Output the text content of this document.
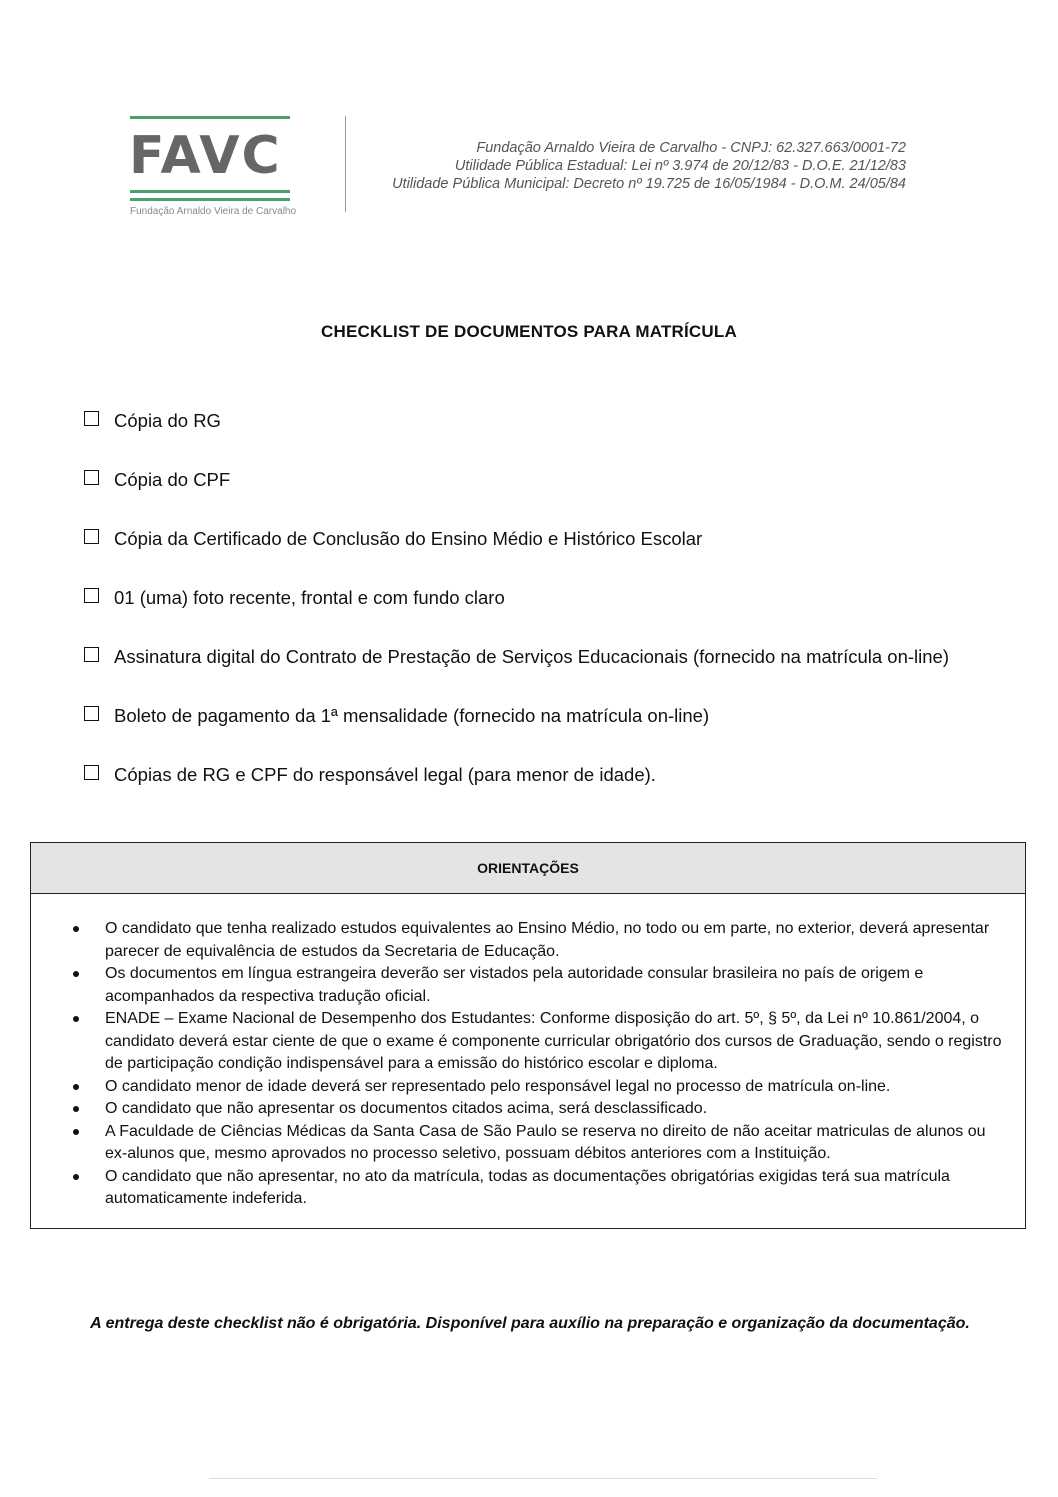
FAVC
Fundação Arnaldo Vieira de Carvalho
Fundação Arnaldo Vieira de Carvalho - CNPJ: 62.327.663/0001-72
Utilidade Pública Estadual: Lei nº 3.974 de 20/12/83 - D.O.E. 21/12/83
Utilidade Pública Municipal: Decreto nº 19.725 de 16/05/1984 - D.O.M. 24/05/84
CHECKLIST DE DOCUMENTOS PARA MATRÍCULA
Cópia do RG
Cópia do CPF
Cópia da Certificado de Conclusão do Ensino Médio e Histórico Escolar
01 (uma) foto recente, frontal e com fundo claro
Assinatura digital do Contrato de Prestação de Serviços Educacionais (fornecido na matrícula on-line)
Boleto de pagamento da 1ª mensalidade (fornecido na matrícula on-line)
Cópias de RG e CPF do responsável legal (para menor de idade).
ORIENTAÇÕES
O candidato que tenha realizado estudos equivalentes ao Ensino Médio, no todo ou em parte, no exterior, deverá apresentar parecer de equivalência de estudos da Secretaria de Educação.
Os documentos em língua estrangeira deverão ser vistados pela autoridade consular brasileira no país de origem e acompanhados da respectiva tradução oficial.
ENADE – Exame Nacional de Desempenho dos Estudantes: Conforme disposição do art. 5º, § 5º, da Lei nº 10.861/2004, o candidato deverá estar ciente de que o exame é componente curricular obrigatório dos cursos de Graduação, sendo o registro de participação condição indispensável para a emissão do histórico escolar e diploma.
O candidato menor de idade deverá ser representado pelo responsável legal no processo de matrícula on-line.
O candidato que não apresentar os documentos citados acima, será desclassificado.
A Faculdade de Ciências Médicas da Santa Casa de São Paulo se reserva no direito de não aceitar matriculas de alunos ou ex-alunos que, mesmo aprovados no processo seletivo, possuam débitos anteriores com a Instituição.
O candidato que não apresentar, no ato da matrícula, todas as documentações obrigatórias exigidas terá sua matrícula automaticamente indeferida.
A entrega deste checklist não é obrigatória. Disponível para auxílio na preparação e organização da documentação.
